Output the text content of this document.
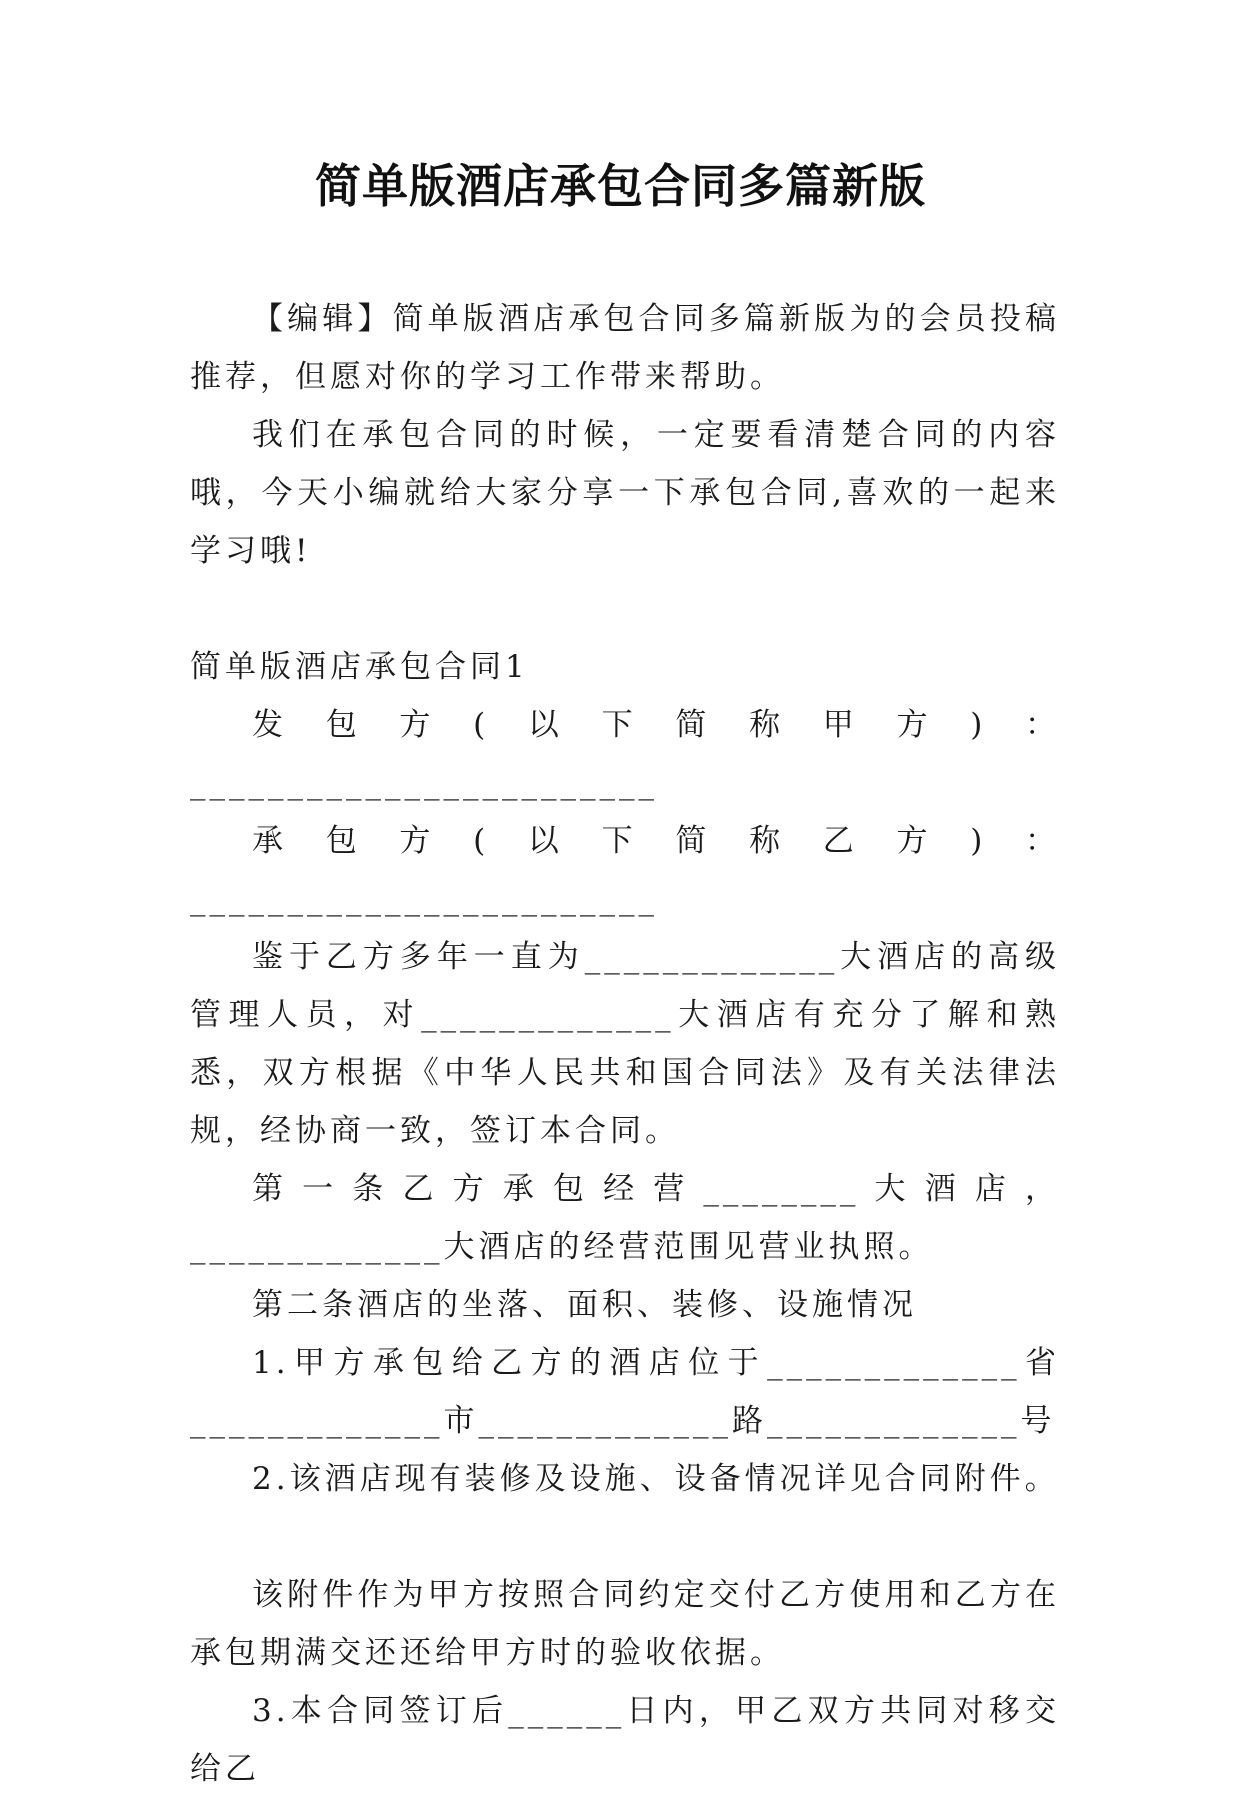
简单版酒店承包合同多篇新版

【编辑】简单版酒店承包合同多篇新版为的会员投稿推荐，但愿对你的学习工作带来帮助。

我们在承包合同的时候，一定要看清楚合同的内容哦，今天小编就给大家分享一下承包合同,喜欢的一起来学习哦!

简单版酒店承包合同1

发包方(以下简称甲方)：________________________

承包方(以下简称乙方)：________________________

鉴于乙方多年一直为_____________大酒店的高级管理人员，对_____________大酒店有充分了解和熟悉，双方根据《中华人民共和国合同法》及有关法律法规，经协商一致，签订本合同。

第一条乙方承包经营________大酒店，_____________大酒店的经营范围见营业执照。

第二条酒店的坐落、面积、装修、设施情况

1.甲方承包给乙方的酒店位于_____________省_____________市_____________路_____________号

2.该酒店现有装修及设施、设备情况详见合同附件。

该附件作为甲方按照合同约定交付乙方使用和乙方在承包期满交还还给甲方时的验收依据。

3.本合同签订后______日内，甲乙双方共同对移交给乙
